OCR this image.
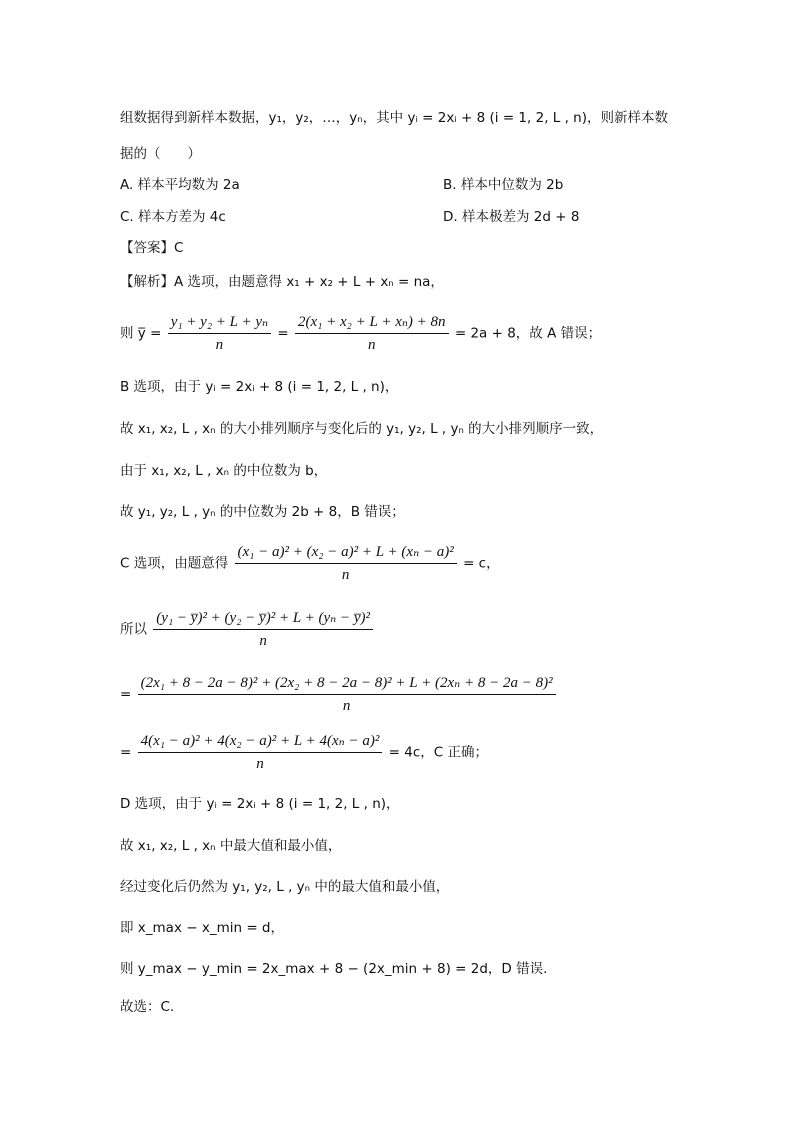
组数据得到新样本数据，y₁，y₂，…，yₙ，其中 yᵢ = 2xᵢ + 8 (i = 1, 2, L , n)，则新样本数
据的（　　）
A. 样本平均数为 2a	B. 样本中位数为 2b
C. 样本方差为 4c	D. 样本极差为 2d + 8
【答案】C
【解析】A 选项，由题意得 x₁ + x₂ + L + xₙ = na，
则 y̅ = $\frac{\text{y₁ + y₂ + L + yₙ}}{n} = \frac{\text{2(x₁ + x₂ + L + xₙ) + 8n}}{n} = 2a + 8$，故 A 错误；
B 选项，由于 yᵢ = 2xᵢ + 8 (i = 1, 2, L , n)，
故 x₁, x₂, L , xₙ 的大小排列顺序与变化后的 y₁, y₂, L , yₙ 的大小排列顺序一致，
由于 x₁, x₂, L , xₙ 的中位数为 b，
故 y₁, y₂, L , yₙ 的中位数为 2b + 8，B 错误；
C 选项，由题意得 $\frac{\text{(x₁ − a)² + (x₂ − a)² + L + (xₙ − a)²}}{n} = c$，
所以 $\frac{\text{(y₁ − y̅)² + (y₂ − y̅)² + L + (yₙ − y̅)²}}{n}$
=
(2x₁ + 8 − 2a − 8)² + (2x₂ + 8 − 2a − 8)² + L + (2xₙ + 8 − 2a − 8)²
n
= $\frac{\text{4(x₁ − a)² + 4(x₂ − a)² + L + 4(xₙ − a)²}}{n} = 4c$，C 正确；
D 选项，由于 yᵢ = 2xᵢ + 8 (i = 1, 2, L , n)，
故 x₁, x₂, L , xₙ 中最大值和最小值，
经过变化后仍然为 y₁, y₂, L , yₙ 中的最大值和最小值，
即 x_max − x_min = d，
则 y_max − y_min = 2x_max + 8 − (2x_min + 8) = 2d，D 错误.
故选：C.
